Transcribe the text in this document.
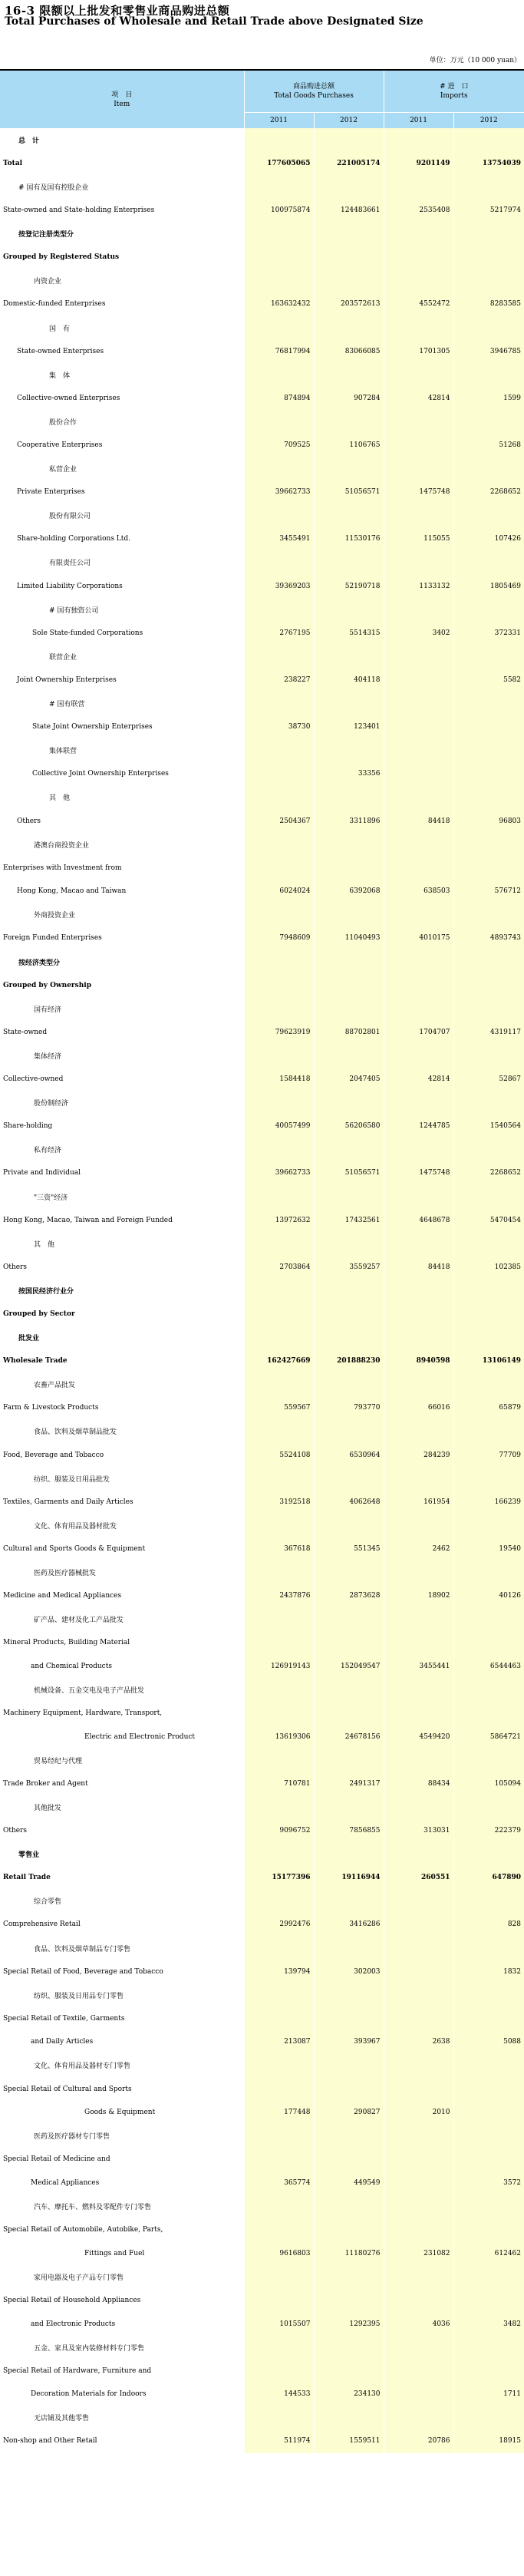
16-3 限额以上批发和零售业商品购进总额
Total Purchases of Wholesale and Retail Trade above Designated Size
单位：万元（10 000 yuan）
项　目
Item	商品购进总额
Total Goods Purchases		# 进　口
Imports	

	2011	2012	2011	2012
总　计				
Total	177605065	221005174	9201149	13754039
# 国有及国有控股企业				
State-owned and State-holding Enterprises	100975874	124483661	2535408	5217974
按登记注册类型分				
Grouped by Registered Status				
内资企业				
Domestic-funded Enterprises	163632432	203572613	4552472	8283585
国　有				
State-owned Enterprises	76817994	83066085	1701305	3946785
集　体				
Collective-owned Enterprises	874894	907284	42814	1599
股份合作				
Cooperative Enterprises	709525	1106765		51268
私营企业				
Private Enterprises	39662733	51056571	1475748	2268652
股份有限公司				
Share-holding Corporations Ltd.	3455491	11530176	115055	107426
有限责任公司				
Limited Liability Corporations	39369203	52190718	1133132	1805469
# 国有独资公司				
Sole State-funded Corporations	2767195	5514315	3402	372331
联营企业				
Joint Ownership Enterprises	238227	404118		5582
# 国有联营				
State Joint Ownership Enterprises	38730	123401		
集体联营				
Collective Joint Ownership Enterprises		33356		
其　他				
Others	2504367	3311896	84418	96803
港澳台商投资企业				
Enterprises with Investment from				
Hong Kong, Macao and Taiwan	6024024	6392068	638503	576712
外商投资企业				
Foreign Funded Enterprises	7948609	11040493	4010175	4893743
按经济类型分				
Grouped by Ownership				
国有经济				
State-owned	79623919	88702801	1704707	4319117
集体经济				
Collective-owned	1584418	2047405	42814	52867
股份制经济				
Share-holding	40057499	56206580	1244785	1540564
私有经济				
Private and Individual	39662733	51056571	1475748	2268652
"三资"经济				
Hong Kong, Macao, Taiwan and Foreign Funded	13972632	17432561	4648678	5470454
其　他				
Others	2703864	3559257	84418	102385
按国民经济行业分				
Grouped by Sector				
批发业				
Wholesale Trade	162427669	201888230	8940598	13106149
农畜产品批发				
Farm & Livestock Products	559567	793770	66016	65879
食品、饮料及烟草制品批发				
Food, Beverage and Tobacco	5524108	6530964	284239	77709
纺织、服装及日用品批发				
Textiles, Garments and Daily Articles	3192518	4062648	161954	166239
文化、体育用品及器材批发				
Cultural and Sports Goods & Equipment	367618	551345	2462	19540
医药及医疗器械批发				
Medicine and Medical Appliances	2437876	2873628	18902	40126
矿产品、建材及化工产品批发				
Mineral Products, Building Material				
and Chemical Products	126919143	152049547	3455441	6544463
机械设备、五金交电及电子产品批发				
Machinery Equipment, Hardware, Transport,				
Electric and Electronic Product	13619306	24678156	4549420	5864721
贸易经纪与代理				
Trade Broker and Agent	710781	2491317	88434	105094
其他批发				
Others	9096752	7856855	313031	222379
零售业				
Retail Trade	15177396	19116944	260551	647890
综合零售				
Comprehensive Retail	2992476	3416286		828
食品、饮料及烟草制品专门零售				
Special Retail of Food, Beverage and Tobacco	139794	302003		1832
纺织、服装及日用品专门零售				
Special Retail of Textile, Garments				
and Daily Articles	213087	393967	2638	5088
文化、体育用品及器材专门零售				
Special Retail of Cultural and Sports				
Goods & Equipment	177448	290827	2010	
医药及医疗器材专门零售				
Special Retail of Medicine and				
Medical Appliances	365774	449549		3572
汽车、摩托车、燃料及零配件专门零售				
Special Retail of Automobile, Autobike, Parts,				
Fittings and Fuel	9616803	11180276	231082	612462
家用电器及电子产品专门零售				
Special Retail of Household Appliances				
and Electronic Products	1015507	1292395	4036	3482
五金、家具及室内装修材料专门零售				
Special Retail of Hardware, Furniture and				
Decoration Materials for Indoors	144533	234130		1711
无店铺及其他零售				
Non-shop and Other Retail	511974	1559511	20786	18915
